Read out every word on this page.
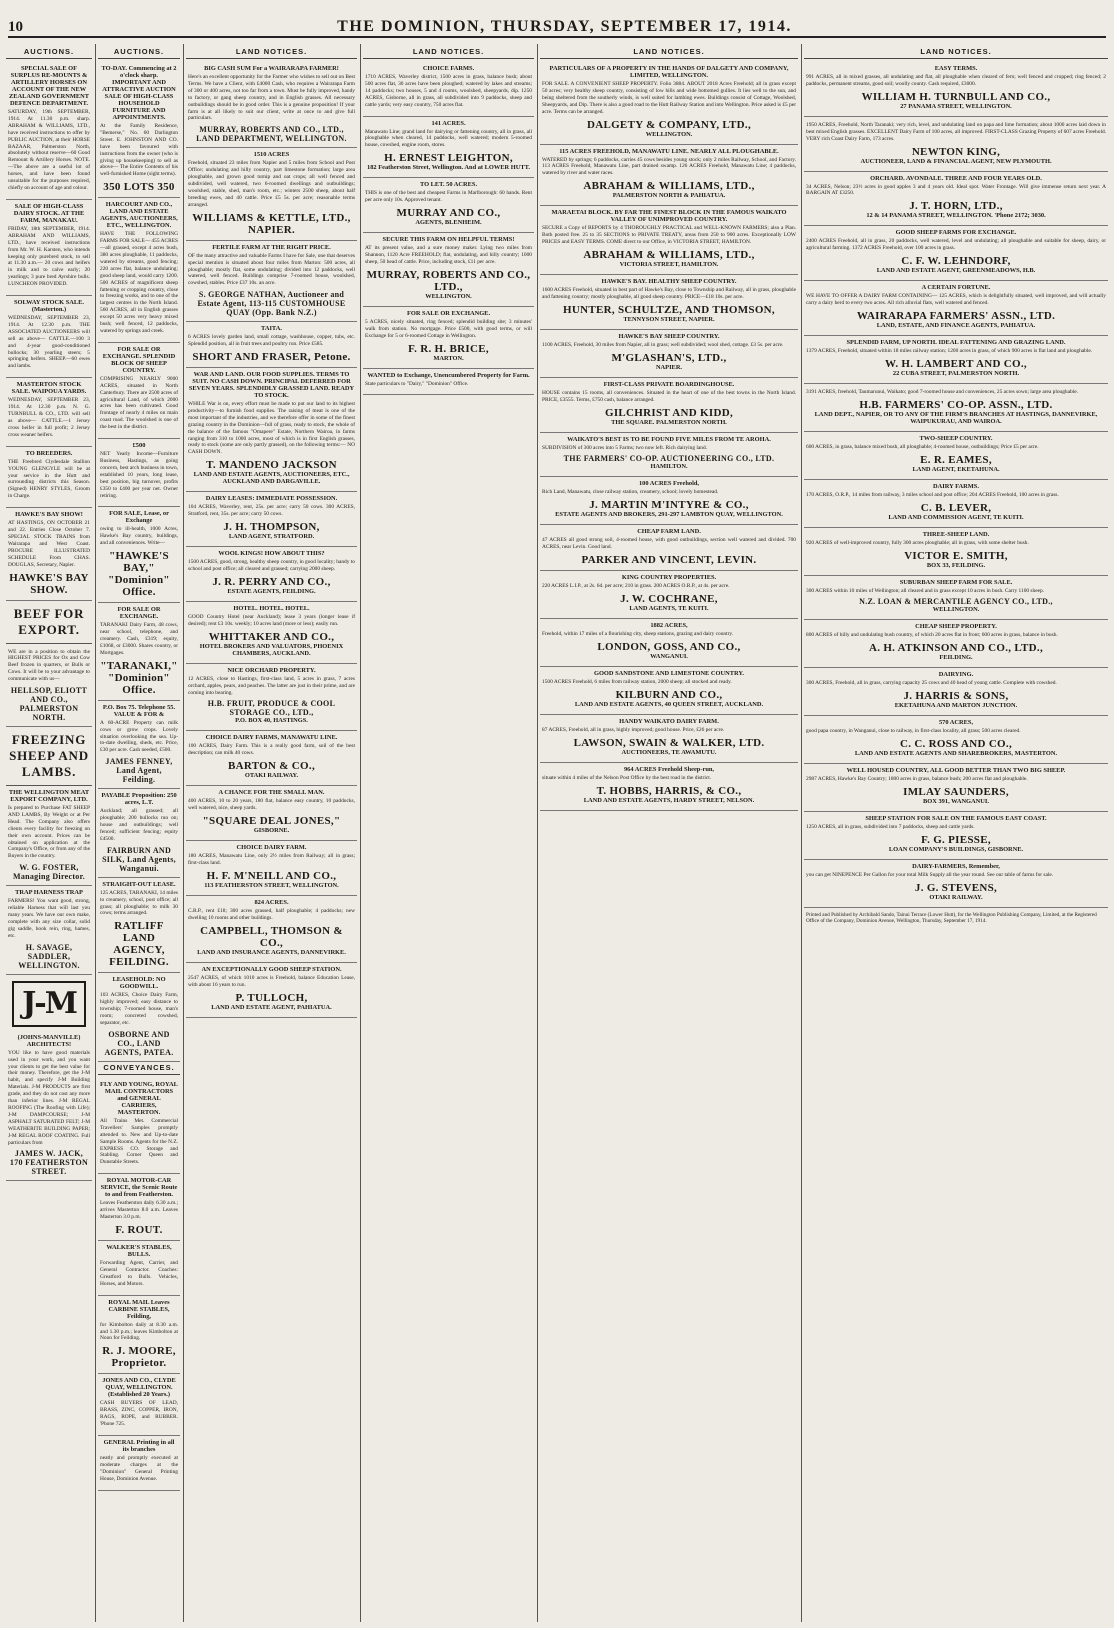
10	THE DOMINION, THURSDAY, SEPTEMBER 17, 1914.
AUCTIONS.
SPECIAL SALE OF SURPLUS RE-MOUNTS & ARTILLERY HORSES ON ACCOUNT OF THE NEW ZEALAND GOVERNMENT DEFENCE DEPARTMENT.

SATURDAY, 19th SEPTEMBER, 1914. At 11.30 p.m. sharp. ABRAHAM & WILLIAMS, LTD., have received instructions to offer by PUBLIC AUCTION, at their HORSE BAZAAR, Palmerston North, absolutely without reserve—60 Good Remount & Artillery Horses. NOTE.—The above are a useful lot of horses, and have been found unsuitable for the purposes required, chiefly on account of age and colour.

SALE OF HIGH-CLASS DAIRY STOCK. AT THE FARM, MANAKAU.

FRIDAY, 18th SEPTEMBER, 1914. ABRAHAM AND WILLIAMS, LTD., have received instructions from Mr. W. H. Karsten, who intends keeping only purebred stock, to sell at 11.30 a.m.— 20 cows and heifers in milk and to calve early; 20 yearlings; 3 pure bred Ayrshire bulls. LUNCHEON PROVIDED.

SOLWAY STOCK SALE. (Masterton.)

WEDNESDAY, SEPTEMBER 23, 1914. At 12.30 p.m. THE ASSOCIATED AUCTIONEERS will sell as above— CATTLE.—100 3 and 4-year good-conditioned bullocks; 30 yearling steers; 5 springing heifers. SHEEP.—60 ewes and lambs.

MASTERTON STOCK SALE. WAIPOUA YARDS.

WEDNESDAY, SEPTEMBER 23, 1914. At 12.30 p.m. N. G. TURNBULL & CO., LTD. will sell as above— CATTLE.—1 Jersey cross heifer in full profit; 2 Jersey cross weaner heifers.

TO BREEDERS.

THE Freebred Clydesdale Stallion YOUNG GLENGYLE will be at your service in the Hutt and surrounding districts this Season. (Signed) HENRY STYLES, Groom in Charge.

HAWKE'S BAY SHOW!

AT HASTINGS, ON OCTOBER 21 and 22. Entries Close October 7. SPECIAL STOCK TRAINS from Wairarapa and West Coast. PROCURE ILLUSTRATED SCHEDULE From CHAS. DOUGLAS, Secretary, Napier.

HAWKE'S BAY SHOW.
BEEF FOR EXPORT.

WE are in a position to obtain the HIGHEST PRICES for Ox and Cow Beef frozen in quarters, or Bulls or Cows. It will be to your advantage to communicate with us—

HELLSOP, ELIOTT AND CO., PALMERSTON NORTH.
FREEZING SHEEP AND LAMBS.
THE WELLINGTON MEAT EXPORT COMPANY, LTD.

Is prepared to Purchase FAT SHEEP AND LAMBS, By Weight or at Per Head. The Company also offers clients every facility for freezing on their own account. Prices can be obtained on application at the Company's Office, or from any of the Buyers in the country.

W. G. FOSTER, Managing Director.
TRAP HARNESS TRAP

FARMERS! You want good, strong, reliable Harness that will last you many years. We have our own make, complete with any size collar, solid gig saddle, hook rein, ring, hames, etc.

H. SAVAGE, SADDLER, WELLINGTON.
J-M
(JOHNS-MANVILLE) ARCHITECTS!

YOU like to have good materials used in your work, and you want your clients to get the best value for their money. Therefore, get the J-M habit, and specify J-M Building Materials. J-M PRODUCTS are first grade, and they do not cost any more than inferior lines. J-M REGAL ROOFING (The Roofing with Life); J-M DAMPCOURSE; J-M ASPHALT SATURATED FELT; J-M WEATHERITE BUILDING PAPER; J-M REGAL ROOF COATING. Full particulars from

JAMES W. JACK, 170 FEATHERSTON STREET.
AUCTIONS.
TO-DAY. Commencing at 2 o'clock sharp. IMPORTANT AND ATTRACTIVE AUCTION SALE OF HIGH-CLASS HOUSEHOLD FURNITURE AND APPOINTMENTS.

At the Family Residence, "Bemerse," No. 60 Darlington Street. E. JOHNSTON AND CO. have been favoured with instructions from the owner (who is giving up housekeeping) to sell as above— The Entire Contents of his well-furnished Home (sight terms).

350 LOTS 350
HARCOURT AND CO., LAND AND ESTATE AGENTS, AUCTIONEERS, ETC., WELLINGTON.

HAVE THE FOLLOWING FARMS FOR SALE— 455 ACRES—all grassed, except 4 acres bush, 380 acres ploughable, 11 paddocks, watered by streams, good fencing; 220 acres flat, balance undulating; good sheep land, would carry 1200. 500 ACRES of magnificent sheep fattening or cropping country, close to freezing works, and to one of the largest centres in the North Island. 560 ACRES, all in English grasses except 50 acres very heavy mixed bush; well fenced, 12 paddocks, watered by springs and creek.

FOR SALE OR EXCHANGE. SPLENDID BLOCK OF SHEEP COUNTRY.

COMPRISING NEARLY 9000 ACRES, situated in North Canterbury. There are 2500 acres of agricultural Land, of which 2000 acres has been cultivated. Good frontage of nearly 4 miles on main coast road. The woolshed is one of the best in the district.

£500

NET Yearly Income—Furniture Business, Hastings, as going concern, best arch business in town, established 10 years, long lease, best position, big turnover, profits £350 to £400 per year net. Owner retiring.

FOR SALE, Lease, or Exchange

owing to ill-health, 1000 Acres, Hawke's Bay country, buildings, and all conveniences. Write—

"HAWKE'S BAY," "Dominion" Office.
FOR SALE OR EXCHANGE.

TARANAKI Dairy Farm, 48 cows, near school, telephone, and creamery. Cash, £319; equity, £1068, or £3000. Shares country, or Mortgages.

"TARANAKI," "Dominion" Office.
P.O. Box 75. Telephone 55. VALUE & FOR &

A 60-ACRE Property can milk cows or grow crops. Lovely situation overlooking the sea. Up-to-date dwelling, sheds, etc. Price, £30 per acre. Cash needed, £500.

JAMES FENNEY, Land Agent, Feilding.
PAYABLE Proposition: 250 acres, L.T.

Auckland; all grassed; all ploughable; 200 bullocks run on; house and outbuildings; well fenced; sufficient fencing; equity £4500.

FAIRBURN AND SILK, Land Agents, Wanganui.
STRAIGHT-OUT LEASE.

125 ACRES, TARANAKI, 14 miles to creamery, school, post office; all grass; all ploughable; to milk 30 cows; terms arranged.

RATLIFF LAND AGENCY, FEILDING.
LEASEHOLD: NO GOODWILL.

103 ACRES, Choice Dairy Farm, highly improved; easy distance to township; 7-roomed house, man's room; concreted cowshed, separator, etc.

OSBORNE AND CO., LAND AGENTS, PATEA.
CONVEYANCES.
FLY AND YOUNG, ROYAL MAIL CONTRACTORS and GENERAL CARRIERS, MASTERTON.

All Trains Met. Commercial Travellers' Samples promptly attended to. New and Up-to-date Sample Rooms. Agents for the N.Z. EXPRESS CO. Storage and Stabling. Corner Queen and Dunstable Streets.

ROYAL MOTOR-CAR SERVICE, the Scenic Route to and from Featherston.

Leaves Featherston daily 6.30 a.m.; arrives Masterton 8.0 a.m. Leaves Masterton 3.0 p.m.

F. ROUT.
WALKER'S STABLES, BULLS.

Forwarding Agent, Carrier, and General Contractor. Coaches: Greatford to Bulls. Vehicles, Horses, and Motors.

ROYAL MAIL Leaves CARBINE STABLES, Feilding,

for Kimbolton daily at 8.30 a.m. and 1.30 p.m.; leaves Kimbolton at Noon for Feilding.

R. J. MOORE, Proprietor.
JONES AND CO., CLYDE QUAY, WELLINGTON. (Established 20 Years.)

CASH BUYERS OF LEAD, BRASS, ZINC, COPPER, IRON, RAGS, ROPE, and RUBBER. 'Phone 725.

GENERAL Printing in all its branches

neatly and promptly executed at moderate charges at the "Dominion" General Printing House, Dominion Avenue.

LAND NOTICES.
BIG CASH SUM For a WAIRARAPA FARMER!

Here's an excellent opportunity for the Farmer who wishes to sell out on Best Terms. We have a Client, with £4000 Cash, who requires a Wairarapa Farm of 300 or 400 acres, not too far from a town. Must be fully improved, handy to factory, or gang sheep country, and in English grasses. All necessary outbuildings should be in good order. This is a genuine proposition! If your farm is at all likely to suit our client, write at once to and give full particulars.

MURRAY, ROBERTS AND CO., LTD., LAND DEPARTMENT, WELLINGTON.
1510 ACRES

Freehold, situated 23 miles from Napier and 5 miles from School and Post Office; undulating and hilly country, part limestone formation; large area ploughable, and grown good turnip and oat crops; all well fenced and subdivided, well watered, two 6-roomed dwellings and outbuildings; woolshed, stable, shed, man's room, etc.; winters 2500 sheep, about half breeding ewes, and 40 cattle. Price £5 5s. per acre; reasonable terms arranged.

WILLIAMS & KETTLE, LTD., NAPIER.
FERTILE FARM AT THE RIGHT PRICE.

OF the many attractive and valuable Farms I have for Sale, one that deserves special mention is situated about four miles from Marton: 500 acres, all ploughable; mostly flat, some undulating; divided into 12 paddocks, well watered, well fenced. Buildings comprise 7-roomed house, woolshed, cowshed, stables. Price £37 10s. an acre.

S. GEORGE NATHAN, Auctioneer and Estate Agent, 113-115 CUSTOMHOUSE QUAY (Opp. Bank N.Z.)
TAITA.

6 ACRES lovely garden land, small cottage, washhouse, copper, tubs, etc. Splendid position, all in fruit trees and poultry run. Price £585.

SHORT AND FRASER, Petone.
WAR AND LAND. OUR FOOD SUPPLIES. TERMS TO SUIT. NO CASH DOWN. PRINCIPAL DEFERRED FOR SEVEN YEARS. SPLENDIDLY GRASSED LAND. READY TO STOCK.

WHILE War is on, every effort must be made to put our land to its highest productivity—to furnish food supplies. The raising of meat is one of the most important of the industries, and we therefore offer in some of the finest grazing country in the Dominion—full of grass, ready to stock, the whole of the balance of the famous "Omapere" Estate, Northern Wairoa, in farms ranging from 310 to 1000 acres, most of which is in first English grasses, ready to stock (some are only partly grassed), on the following terms:— NO CASH DOWN.

T. MANDENO JACKSON
LAND AND ESTATE AGENTS, AUCTIONEERS, ETC., AUCKLAND AND DARGAVILLE.
DAIRY LEASES: IMMEDIATE POSSESSION.

104 ACRES, Waverley, rent, 25s. per acre; carry 50 cows. 300 ACRES, Stratford, rent, 35s. per acre; carry 50 cows.

J. H. THOMPSON,
LAND AGENT, STRATFORD.
WOOL KINGS! HOW ABOUT THIS?

1500 ACRES, good, strong, healthy sheep country, in good locality; handy to school and post office; all cleared and grassed; carrying 2000 sheep.

J. R. PERRY AND CO.,
ESTATE AGENTS, FEILDING.
HOTEL. HOTEL. HOTEL.

GOOD Country Hotel (near Auckland); lease 3 years (longer lease if desired); rent £3 10s. weekly; 10 acres land (more or less); easily run.

WHITTAKER AND CO.,
HOTEL BROKERS AND VALUATORS, PHOENIX CHAMBERS, AUCKLAND.
NICE ORCHARD PROPERTY.

12 ACRES, close to Hastings, first-class land, 5 acres in grass, 7 acres orchard, apples, pears, and peaches. The latter are just in their prime, and are coming into bearing.

H.B. FRUIT, PRODUCE & COOL STORAGE CO., LTD.,
P.O. BOX 40, HASTINGS.
CHOICE DAIRY FARMS, MANAWATU LINE.

100 ACRES, Dairy Farm. This is a really good farm, soil of the best description; can milk 40 cows.

BARTON & CO.,
OTAKI RAILWAY.
A CHANCE FOR THE SMALL MAN.

400 ACRES, 10 to 20 years, 180 flat, balance easy country, 10 paddocks, well watered, nice, sheep yards.

"SQUARE DEAL JONES,"
GISBORNE.
CHOICE DAIRY FARM.

180 ACRES, Manawatu Line, only 2½ miles from Railway; all in grass; first-class land.

H. F. M'NEILL AND CO.,
113 FEATHERSTON STREET, WELLINGTON.
824 ACRES.

C.R.P., rent £18; 300 acres grassed, half ploughable; 4 paddocks; new dwelling 10 rooms and other buildings.

CAMPBELL, THOMSON & CO.,
LAND AND INSURANCE AGENTS, DANNEVIRKE.
AN EXCEPTIONALLY GOOD SHEEP STATION.

2547 ACRES, of which 1010 acres is Freehold, balance Education Lease, with about 16 years to run.

P. TULLOCH,
LAND AND ESTATE AGENT, PAHIATUA.
LAND NOTICES.
CHOICE FARMS.

1710 ACRES, Waverley district, 1500 acres in grass, balance bush; about 500 acres flat, 30 acres have been ploughed; watered by lakes and streams; 14 paddocks; two houses, 5 and 4 rooms, woolshed, sheepyards, dip. 1250 ACRES, Gisborne, all in grass, all subdivided into 9 paddocks, sheep and cattle yards; very easy country, 750 acres flat.

141 ACRES.

Manawatu Line; grand land for dairying or fattening country, all in grass, all ploughable when cleared, 14 paddocks, well watered; modern 5-roomed house, cowshed, engine room, stores.

H. ERNEST LEIGHTON,
182 Featherston Street, Wellington. And at LOWER HUTT.
TO LET. 50 ACRES.

THIS is one of the best and cheapest Farms in Marlborough: 60 hands. Rent per acre only 10s. Approved tenant.

MURRAY AND CO.,
AGENTS, BLENHEIM.
SECURE THIS FARM ON HELPFUL TERMS!

AT its present value, and a sure money maker. Lying two miles from Shannon, 1120 Acre FREEHOLD; flat, undulating, and hilly country; 1000 sheep, 50 head of cattle. Price, including stock, £11 per acre.

MURRAY, ROBERTS AND CO., LTD.,
WELLINGTON.
FOR SALE OR EXCHANGE.

5 ACRES, nicely situated, ring fenced; splendid building site; 3 minutes' walk from station. No mortgage. Price £500, with good terms, or will Exchange for 5 or 6-roomed Cottage in Wellington.

F. R. H. BRICE,
MARTON.
WANTED to Exchange, Unencumbered Property for Farm.

State particulars to "Dairy," "Dominion" Office.

LAND NOTICES.
PARTICULARS OF A PROPERTY IN THE HANDS OF DALGETY AND COMPANY, LIMITED, WELLINGTON.

FOR SALE. A CONVENIENT SHEEP PROPERTY. Folio 3884. ABOUT 2018 Acres Freehold; all in grass except 50 acres; very healthy sheep country, consisting of low hills and wide bottomed gullies. It lies well to the sun, and being sheltered from the southerly winds, is well suited for lambing ewes. Buildings consist of Cottage, Woolshed, Sheepyards, and Dip. There is also a good road to the Hutt Railway Station and into Wellington. Price asked is £5 per acre. Terms can be arranged.

DALGETY & COMPANY, LTD.,
WELLINGTON.
115 ACRES FREEHOLD, MANAWATU LINE. NEARLY ALL PLOUGHABLE.

WATERED by springs; 6 paddocks, carries 45 cows besides young stock; only 2 miles Railway, School, and Factory. 113 ACRES Freehold, Manawatu Line, part drained swamp. 126 ACRES Freehold, Manawatu Line; 4 paddocks, watered by river and water races.

ABRAHAM & WILLIAMS, LTD.,
PALMERSTON NORTH & PAHIATUA.
MARAETAI BLOCK. BY FAR THE FINEST BLOCK IN THE FAMOUS WAIKATO VALLEY OF UNIMPROVED COUNTRY.

SECURE a Copy of REPORTS by 4 THOROUGHLY PRACTICAL and WELL-KNOWN FARMERS; also a Plan. Both posted free. 25 to 35 SECTIONS to PRIVATE TREATY, areas from 250 to 900 acres. Exceptionally LOW PRICES and EASY TERMS. COME direct to our Office, in VICTORIA STREET, HAMILTON.

ABRAHAM & WILLIAMS, LTD.,
VICTORIA STREET, HAMILTON.
HAWKE'S BAY. HEALTHY SHEEP COUNTRY.

1600 ACRES Freehold, situated in best part of Hawke's Bay, close to Township and Railway, all in grass, ploughable and fattening country; mostly ploughable, all good sheep country. PRICE—£18 10s. per acre.

HUNTER, SCHULTZE, AND THOMSON,
TENNYSON STREET, NAPIER.
HAWKE'S BAY SHEEP COUNTRY.

1100 ACRES, Freehold, 30 miles from Napier, all in grass; well subdivided; wool shed, cottage. £3 5s. per acre.

M'GLASHAN'S, LTD.,
NAPIER.
FIRST-CLASS PRIVATE BOARDINGHOUSE.

HOUSE contains 15 rooms, all conveniences. Situated in the heart of one of the best towns in the North Island. PRICE, £3555. Terms, £750 cash, balance arranged.

GILCHRIST AND KIDD,
THE SQUARE. PALMERSTON NORTH.
WAIKATO'S BEST IS TO BE FOUND FIVE MILES FROM TE AROHA.

SUBDIVISION of 300 acres into 5 Farms; two now left. Rich dairying land.

THE FARMERS' CO-OP. AUCTIONEERING CO., LTD.
HAMILTON.
100 ACRES Freehold,

Rich Land, Manawatu, close railway station, creamery, school; lovely homestead.

J. MARTIN M'INTYRE & CO.,
ESTATE AGENTS AND BROKERS, 291-297 LAMBTON QUAY, WELLINGTON.
CHEAP FARM LAND.

47 ACRES all good strong soil, 4-roomed house, with good outbuildings, section well watered and divided. 700 ACRES, near Levin. Good land.

PARKER AND VINCENT, LEVIN.
KING COUNTRY PROPERTIES.

220 ACRES L.I.P., at 2s. 6d. per acre; 210 in grass. 200 ACRES O.R.P., at 4s. per acre.

J. W. COCHRANE,
LAND AGENTS, TE KUITI.
1882 ACRES,

Freehold, within 17 miles of a flourishing city, sheep stations, grazing and dairy country.

LONDON, GOSS, AND CO.,
WANGANUI.
GOOD SANDSTONE AND LIMESTONE COUNTRY.

1500 ACRES Freehold, 6 miles from railway station, 2000 sheep; all stocked and ready.

KILBURN AND CO.,
LAND AND ESTATE AGENTS, 40 QUEEN STREET, AUCKLAND.
HANDY WAIKATO DAIRY FARM.

87 ACRES, Freehold, all in grass, highly improved; good house. Price, £26 per acre.

LAWSON, SWAIN & WALKER, LTD.
AUCTIONEERS, TE AWAMUTU.
964 ACRES Freehold Sheep-run,

situate within 4 miles of the Nelson Post Office by the best road in the district.

T. HOBBS, HARRIS, & CO.,
LAND AND ESTATE AGENTS, HARDY STREET, NELSON.
LAND NOTICES.
EASY TERMS.

991 ACRES, all in mixed grasses, all undulating and flat, all ploughable when cleared of fern; well fenced and cropped; ring fenced; 2 paddocks, permanent streams, good soil; woolly county. Cash required, £3000.

WILLIAM H. TURNBULL AND CO.,
27 PANAMA STREET, WELLINGTON.

1950 ACRES, Freehold, North Taranaki; very rich, level, and undulating land on papa and lime formation; about 1000 acres laid down in best mixed English grasses. EXCELLENT Dairy Farm of 100 acres, all improved. FIRST-CLASS Grazing Property of 607 acres Freehold. VERY rich Coast Dairy Farm, 173 acres.

NEWTON KING,
AUCTIONEER, LAND & FINANCIAL AGENT, NEW PLYMOUTH.
ORCHARD. AVONDALE. THREE AND FOUR YEARS OLD.

34 ACRES, Nelson; 23½ acres in good apples 3 and 4 years old. Ideal spot. Water Frontage. Will give immense return next year. A BARGAIN AT £3250.

J. T. HORN, LTD.,
12 & 14 PANAMA STREET, WELLINGTON. 'Phone 2172; 3030.
GOOD SHEEP FARMS FOR EXCHANGE.

2400 ACRES Freehold, all in grass, 20 paddocks, well watered, level and undulating; all ploughable and suitable for sheep, dairy, or agricultural farming. 1372 ACRES Freehold, over 100 acres in grass.

C. F. W. LEHNDORF,
LAND AND ESTATE AGENT, GREENMEADOWS, H.B.
A CERTAIN FORTUNE.

WE HAVE TO OFFER A DAIRY FARM CONTAINING— 125 ACRES, which is delightfully situated, well improved, and will actually carry a dairy herd to every two acres. All rich alluvial flats, well watered and fenced.

WAIRARAPA FARMERS' ASSN., LTD.
LAND, ESTATE, AND FINANCE AGENTS, PAHIATUA.
SPLENDID FARM, UP NORTH. IDEAL FATTENING AND GRAZING LAND.

1379 ACRES, Freehold, situated within 18 miles railway station; 1200 acres in grass, of which 900 acres is flat land and ploughable.

W. H. LAMBERT AND CO.,
22 CUBA STREET, PALMERSTON NORTH.

3191 ACRES, freehold, Taumarunui, Waikato; good 7-roomed house and conveniences, 25 acres sown; large area ploughable.

H.B. FARMERS' CO-OP. ASSN., LTD.
LAND DEPT., NAPIER, OR TO ANY OF THE FIRM'S BRANCHES AT HASTINGS, DANNEVIRKE, WAIPUKURAU, AND WAIROA.
TWO-SHEEP COUNTRY.

600 ACRES, in grass, balance mixed bush, all ploughable; 4-roomed house, outbuildings; Price £5 per acre.

E. R. EAMES,
LAND AGENT, EKETAHUNA.
DAIRY FARMS.

170 ACRES, O.R.P., 14 miles from railway, 3 miles school and post office; 204 ACRES Freehold, 100 acres in grass.

C. B. LEVER,
LAND AND COMMISSION AGENT, TE KUITI.
THREE-SHEEP LAND.

920 ACRES of well-improved country, fully 300 acres ploughable; all in grass, with some shelter bush.

VICTOR E. SMITH,
BOX 33, FEILDING.
SUBURBAN SHEEP FARM FOR SALE.

300 ACRES within 10 miles of Wellington; all cleared and in grass except 10 acres in bush. Carry 1100 sheep.

N.Z. LOAN & MERCANTILE AGENCY CO., LTD.,
WELLINGTON.
CHEAP SHEEP PROPERTY.

800 ACRES of hilly and undulating bush country, of which 20 acres flat in front; 600 acres in grass, balance in bush.

A. H. ATKINSON AND CO., LTD.,
FEILDING.
DAIRYING.

300 ACRES, Freehold, all in grass, carrying capacity 25 cows and 40 head of young cattle. Complete with cowshed.

J. HARRIS & SONS,
EKETAHUNA AND MARTON JUNCTION.
570 ACRES,

good papa country, in Wanganui, close to railway, in first-class locality, all grass; 500 acres cleared.

C. C. ROSS AND CO.,
LAND AND ESTATE AGENTS AND SHAREBROKERS, MASTERTON.
WELL HOUSED COUNTRY, ALL GOOD BETTER THAN TWO BIG SHEEP.

2987 ACRES, Hawke's Bay Country; 1800 acres in grass, balance bush; 200 acres flat and ploughable.

IMLAY SAUNDERS,
BOX 391, WANGANUI.
SHEEP STATION FOR SALE ON THE FAMOUS EAST COAST.

1250 ACRES, all in grass, subdivided into 7 paddocks, sheep and cattle yards.

F. G. PIESSE,
LOAN COMPANY'S BUILDINGS, GISBORNE.
DAIRY-FARMERS, Remember,

you can get NINEPENCE Per Gallon for your total Milk Supply all the year round. See our table of farms for sale.

J. G. STEVENS,
OTAKI RAILWAY.

Printed and Published by Archibald Sando, Tainui Terrace (Lower Hutt), for the Wellington Publishing Company, Limited, at the Registered Office of the Company, Dominion Avenue, Wellington, Thursday, September 17, 1914.
